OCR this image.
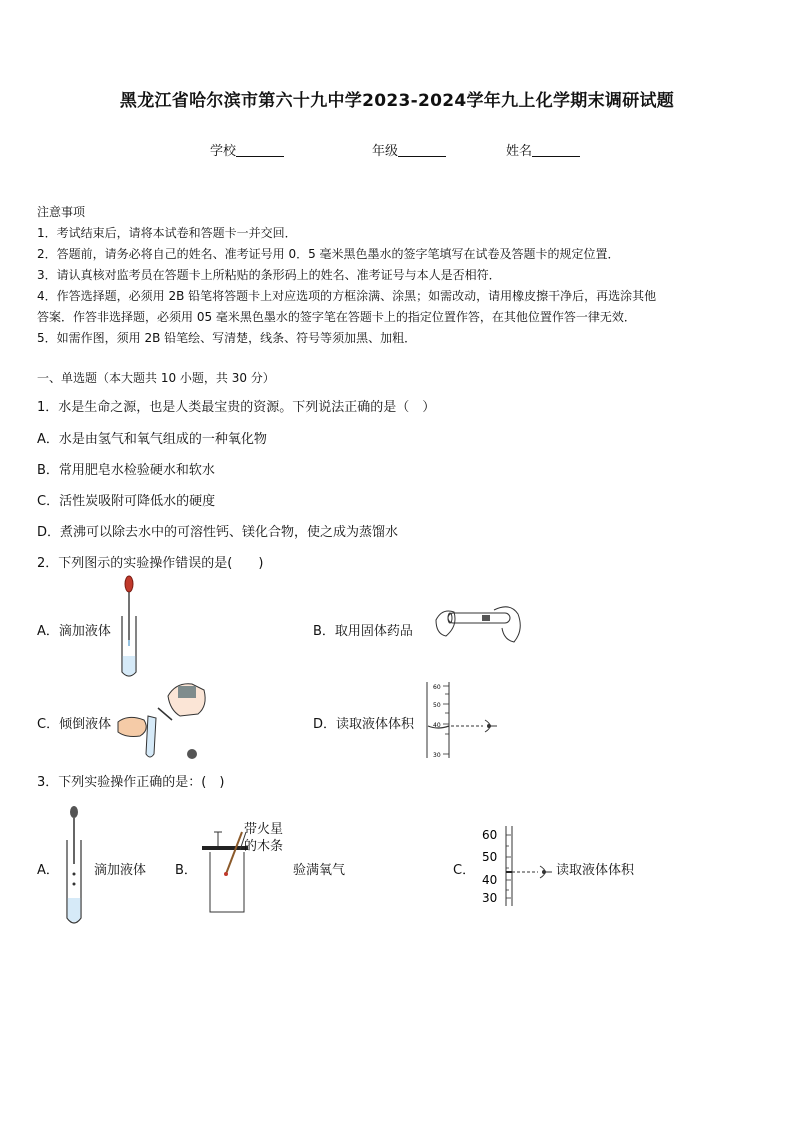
黑龙江省哈尔滨市第六十九中学2023-2024学年九上化学期末调研试题
学校	年级	姓名
注意事项
1．考试结束后，请将本试卷和答题卡一并交回．
2．答题前，请务必将自己的姓名、准考证号用 0．5 毫米黑色墨水的签字笔填写在试卷及答题卡的规定位置．
3．请认真核对监考员在答题卡上所粘贴的条形码上的姓名、准考证号与本人是否相符．
4．作答选择题，必须用 2B 铅笔将答题卡上对应选项的方框涂满、涂黑；如需改动，请用橡皮擦干净后，再选涂其他
答案．作答非选择题，必须用 05 毫米黑色墨水的签字笔在答题卡上的指定位置作答，在其他位置作答一律无效．
5．如需作图，须用 2B 铅笔绘、写清楚，线条、符号等须加黑、加粗．
一、单选题（本大题共 10 小题，共 30 分）
1．水是生命之源，也是人类最宝贵的资源。下列说法正确的是（　）
A．水是由氢气和氧气组成的一种氧化物
B．常用肥皂水检验硬水和软水
C．活性炭吸附可降低水的硬度
D．煮沸可以除去水中的可溶性钙、镁化合物，使之成为蒸馏水
2．下列图示的实验操作错误的是(　　)
A．滴加液体	B．取用固体药品
C．倾倒液体	D．读取液体体积
60
50
40
30
3．下列实验操作正确的是：(　)
A．	滴加液体 B．
带火星
的木条
验满氧气	C．
60
50
40
30
读取液体体积
